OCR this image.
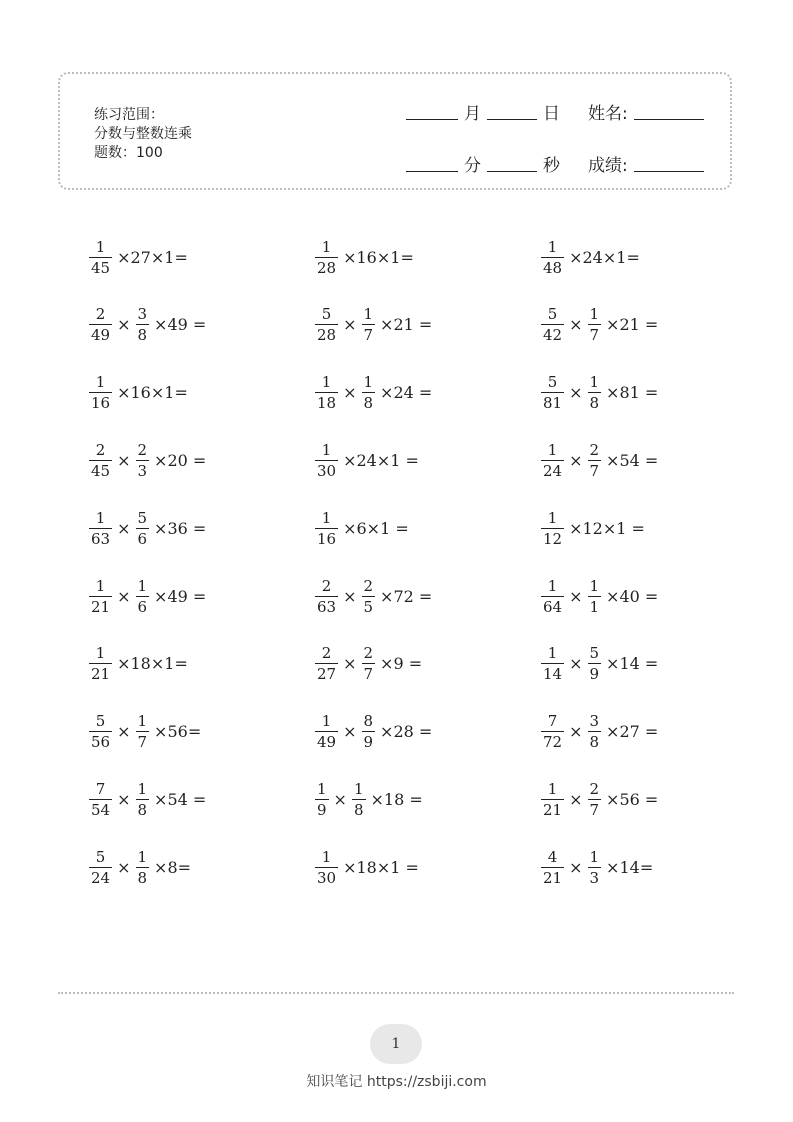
练习范围：
分数与整数连乘
题数：100
月	日 姓名:
分	秒 成绩:
$\frac{1}{45} \times 27\times 1=$	$\frac{1}{28} \times 16\times 1=$	$\frac{1}{48} \times 24\times 1=$
$\frac{2}{49} \times \frac{3}{8} \times 49$ =	$\frac{5}{28} \times \frac{1}{7} \times 21$ =	$\frac{5}{42} \times \frac{1}{7} \times 21$ =
$\frac{1}{16} \times 16\times 1=$	$\frac{1}{18} \times \frac{1}{8} \times 24$ =	$\frac{5}{81} \times \frac{1}{8} \times 81$ =
$\frac{2}{45} \times \frac{2}{3} \times 20$ =	$\frac{1}{30} \times 24\times 1$ =	$\frac{1}{24} \times \frac{2}{7} \times 54$ =
$\frac{1}{63} \times \frac{5}{6} \times 36$ =	$\frac{1}{16} \times 6\times 1$ =	$\frac{1}{12} \times 12\times 1$ =
$\frac{1}{21} \times \frac{1}{6} \times 49$ =	$\frac{2}{63} \times \frac{2}{5} \times 72$ =	$\frac{1}{64} \times \frac{1}{1} \times 40$ =
$\frac{1}{21} \times 18\times 1=$	$\frac{2}{27} \times \frac{2}{7} \times 9$ =	$\frac{1}{14} \times \frac{5}{9} \times 14$ =
$\frac{5}{56} \times \frac{1}{7} \times 56=$	$\frac{1}{49} \times \frac{8}{9} \times 28$ =	$\frac{7}{72} \times \frac{3}{8} \times 27$ =
$\frac{7}{54} \times \frac{1}{8} \times 54$ =	$\frac{1}{9} \times \frac{1}{8} \times 18$ =	$\frac{1}{21} \times \frac{2}{7} \times 56$ =
$\frac{5}{24} \times \frac{1}{8} \times 8=$	$\frac{1}{30} \times 18\times 1$ =	$\frac{4}{21} \times \frac{1}{3} \times 14=$
1
知识笔记 https://zsbiji.com
